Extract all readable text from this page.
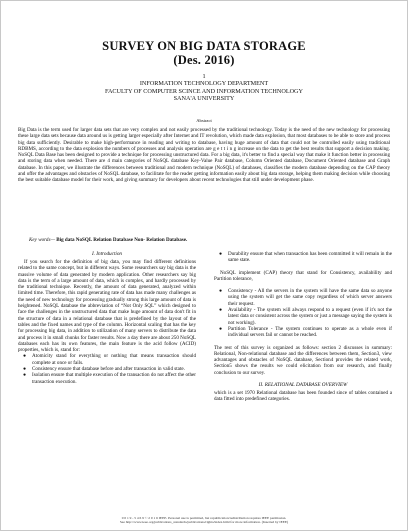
SURVEY ON BIG DATA STORAGE
(Des. 2016)
1
INFORMATION TECHNOLOGY DEPARTMENT
FACULTY OF COMPUTER SCINCE AND INFORMATION TECHNOLOGY
SANA'A UNIVERSITY
Abstract
Big Data is the term used for larger data sets that are very complex and not easily processed by the traditional technology. Today is the need of the new technology for processing these large data sets because data around us is getting larger especially after Internet and IT revolution, which made data explosion, that most databases to be able to store and process big data sufficiently. Desirable to make high-performance in reading and writing to database, having huge amount of data that could not be controlled easily using traditional RDBMS, according to the data explosion the numbers of processes and analysis operation are g e t t i n g increase on the data to get the best results that support a decision making. NoSQL Data Base has been designed to provide a technique for processing unstructured data. For a big data, it's better to find a special way that make it function better in processing and storing data when needed. There are 4 main categories of NoSQL database Key-Value Pair database, Column Oriented database, Document Oriented database and Graph database. In this paper, we illustrate the differences between traditional and modern technique (NoSQL) of databases, classifies the modern database depending on the CAP theory and offer the advantages and obstacles of NoSQL database, to facilitate for the reader getting information easily about big data storage, helping them making decision while choosing the best suitable database model for their work, and giving summary for developers about recent technologies that still under development phase.
Key words— Big data NoSQL Relation Database Non- Relation Database.
I. Introduction

If you search for the definition of big data, you may find different definitions related to the same concept, but in different ways. Some researchers say big data is the massive volume of data generated by modern application. Other researchers say big data is the term of a large amount of data, which is complex, and hardly processed by the traditional technique. Recently, the amount of data generated, analyzed within limited time. Therefore, this rapid generating rate of data has made many challenges as the need of new technology for processing gradually strong this large amount of data is heightened. NoSQL database the abbreviation of “Not Only SQL” which designed to face the challenges in the unstructured data that make huge amount of data don't fit in the structure of data in a relational database that is predefined by the layout of the tables and the fixed names and type of the column. Horizontal scaling that has the key for processing big data, in addition to utilization of many servers to distribute the data and process it in small chunks for faster results. Now a day there are about 250 NoSQL databases each has its own features, the main feature is the acid follow (ACID) properties, which is, stand for:

● Atomicity stand for everything or nothing that means transaction should complete at once or fails.
● Consistency ensure that database before and after transaction in valid state.
● Isolation ensure that multiple execution of the transaction do not affect the other transaction execution.
● Durability ensure that when transaction has been committed it will remain in the same state.

NoSQL implement (CAP) theory that stand for Consistency, availability and Partition tolerance,

● Consistency - All the servers in the system will have the same data so anyone using the system will get the same copy regardless of which server answers their request.
● Availability - The system will always respond to a request (even if it's not the latest data or consistent across the system or just a message saying the system is not working).
● Partition Tolerance - The system continues to operate as a whole even if individual servers fail or cannot be reached.

The rest of this survey is organized as follows: section 2 discusses in summary: Relational, Non-relational database and the differences between them, Section3, view advantages and obstacles of NoSQL database, Section4 provides the related work, Section5 shows the results we could elicitation from our research, and finally conclusion to our survey.

II. RELATIONAL DATABASE OVERVIEW

which is a set 1970 Relational database has been founded since of tables contained a data fitted into predefined categories.

0 0 1 9 - 5 4 6 9 © 2 0 1 6 IEEE. Personal use is permitted, but republication/redistribution requires IEEE permission.
See http://www.ieee.org/publications_standards/publications/rights/index.html for more information. (Inserted by IEEE)
